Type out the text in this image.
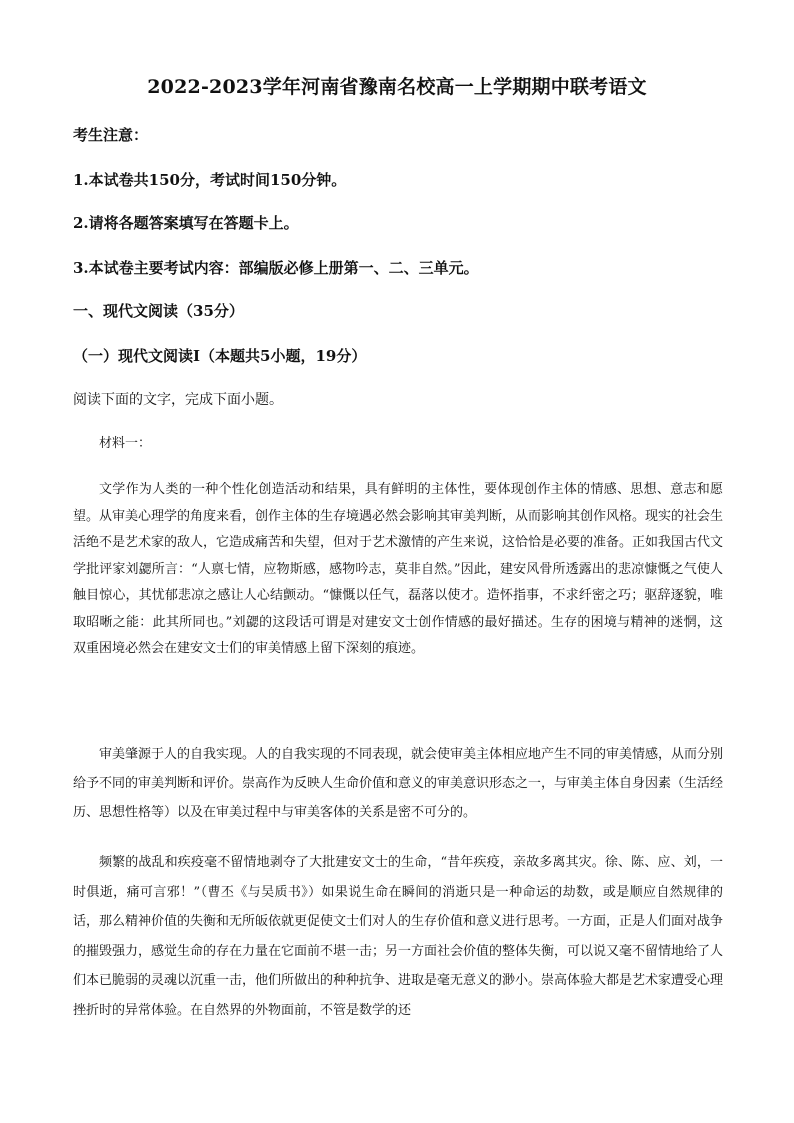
2022-2023学年河南省豫南名校高一上学期期中联考语文
考生注意：
1.本试卷共150分，考试时间150分钟。
2.请将各题答案填写在答题卡上。
3.本试卷主要考试内容：部编版必修上册第一、二、三单元。
一、现代文阅读（35分）
（一）现代文阅读Ⅰ（本题共5小题，19分）
阅读下面的文字，完成下面小题。
材料一：
文学作为人类的一种个性化创造活动和结果，具有鲜明的主体性，要体现创作主体的情感、思想、意志和愿望。从审美心理学的角度来看，创作主体的生存境遇必然会影响其审美判断，从而影响其创作风格。现实的社会生活绝不是艺术家的敌人，它造成痛苦和失望，但对于艺术激情的产生来说，这恰恰是必要的准备。正如我国古代文学批评家刘勰所言：“人禀七情，应物斯感，感物吟志，莫非自然。”因此，建安风骨所透露出的悲凉慷慨之气使人触目惊心，其忧郁悲凉之感让人心结颤动。“慷慨以任气，磊落以使才。造怀指事，不求纤密之巧；驱辞逐貌，唯取昭晰之能：此其所同也。”刘勰的这段话可谓是对建安文士创作情感的最好描述。生存的困境与精神的迷惘，这双重困境必然会在建安文士们的审美情感上留下深刻的痕迹。
审美肇源于人的自我实现。人的自我实现的不同表现，就会使审美主体相应地产生不同的审美情感，从而分别给予不同的审美判断和评价。崇高作为反映人生命价值和意义的审美意识形态之一，与审美主体自身因素（生活经历、思想性格等）以及在审美过程中与审美客体的关系是密不可分的。
频繁的战乱和疾疫毫不留情地剥夺了大批建安文士的生命，“昔年疾疫，亲故多离其灾。徐、陈、应、刘，一时俱逝，痛可言邪！”（曹丕《与吴质书》）如果说生命在瞬间的消逝只是一种命运的劫数，或是顺应自然规律的话，那么精神价值的失衡和无所皈依就更促使文士们对人的生存价值和意义进行思考。一方面，正是人们面对战争的摧毁强力，感觉生命的存在力量在它面前不堪一击；另一方面社会价值的整体失衡，可以说又毫不留情地给了人们本已脆弱的灵魂以沉重一击，他们所做出的种种抗争、进取是毫无意义的渺小。崇高体验大都是艺术家遭受心理挫折时的异常体验。在自然界的外物面前，不管是数学的还
